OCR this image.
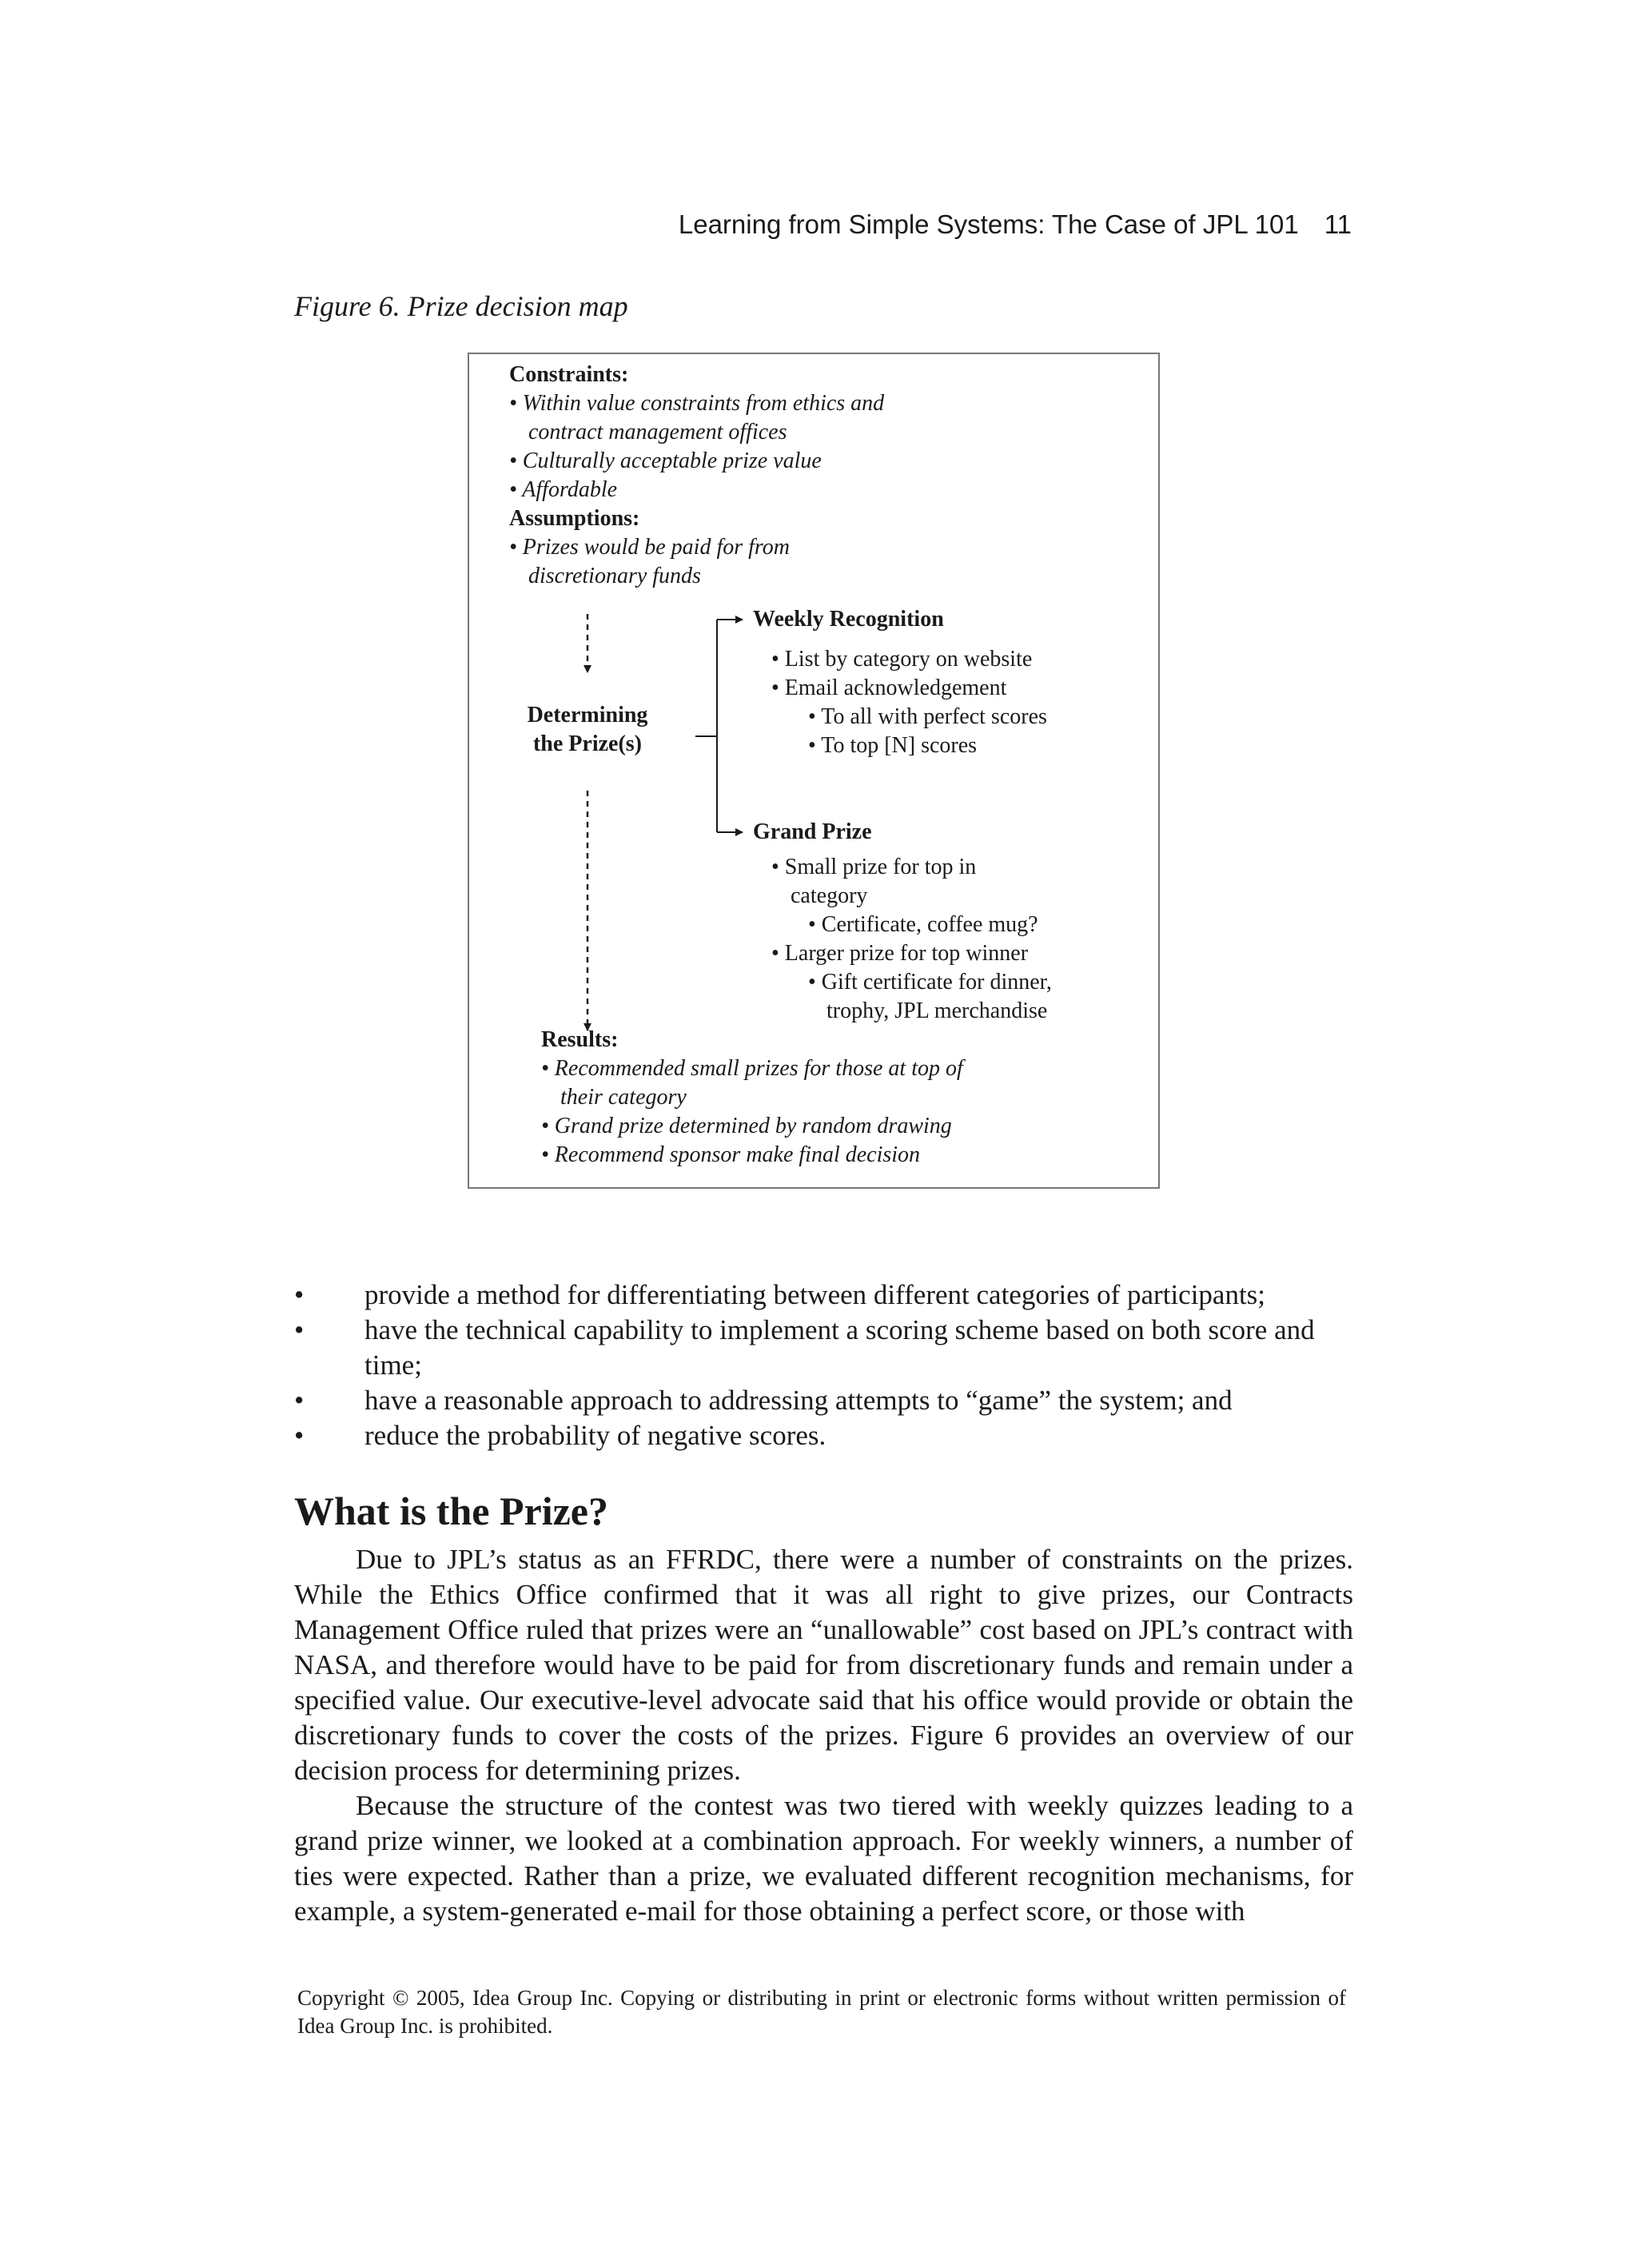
Learning from Simple Systems: The Case of JPL 101 11
Figure 6. Prize decision map
Constraints:
• Within value constraints from ethics and
contract management offices
• Culturally acceptable prize value
• Affordable
Assumptions:
• Prizes would be paid for from
discretionary funds
Determining
the Prize(s)
Weekly Recognition
• List by category on website
• Email acknowledgement
• To all with perfect scores
• To top [N] scores
Grand Prize
• Small prize for top in
category
• Certificate, coffee mug?
• Larger prize for top winner
• Gift certificate for dinner,
trophy, JPL merchandise
Results:
• Recommended small prizes for those at top of
their category
• Grand prize determined by random drawing
• Recommend sponsor make final decision
• provide a method for differentiating between different categories of participants;
• have the technical capability to implement a scoring scheme based on both score and time;
• have a reasonable approach to addressing attempts to “game” the system; and
• reduce the probability of negative scores.
What is the Prize?

Due to JPL’s status as an FFRDC, there were a number of constraints on the prizes. While the Ethics Office confirmed that it was all right to give prizes, our Contracts Management Office ruled that prizes were an “unallowable” cost based on JPL’s contract with NASA, and therefore would have to be paid for from discretionary funds and remain under a specified value. Our executive-level advocate said that his office would provide or obtain the discretionary funds to cover the costs of the prizes. Figure 6 provides an overview of our decision process for determining prizes.

Because the structure of the contest was two tiered with weekly quizzes leading to a grand prize winner, we looked at a combination approach. For weekly winners, a number of ties were expected. Rather than a prize, we evaluated different recognition mechanisms, for example, a system-generated e-mail for those obtaining a perfect score, or those with

Copyright © 2005, Idea Group Inc. Copying or distributing in print or electronic forms without written permission of Idea Group Inc. is prohibited.
